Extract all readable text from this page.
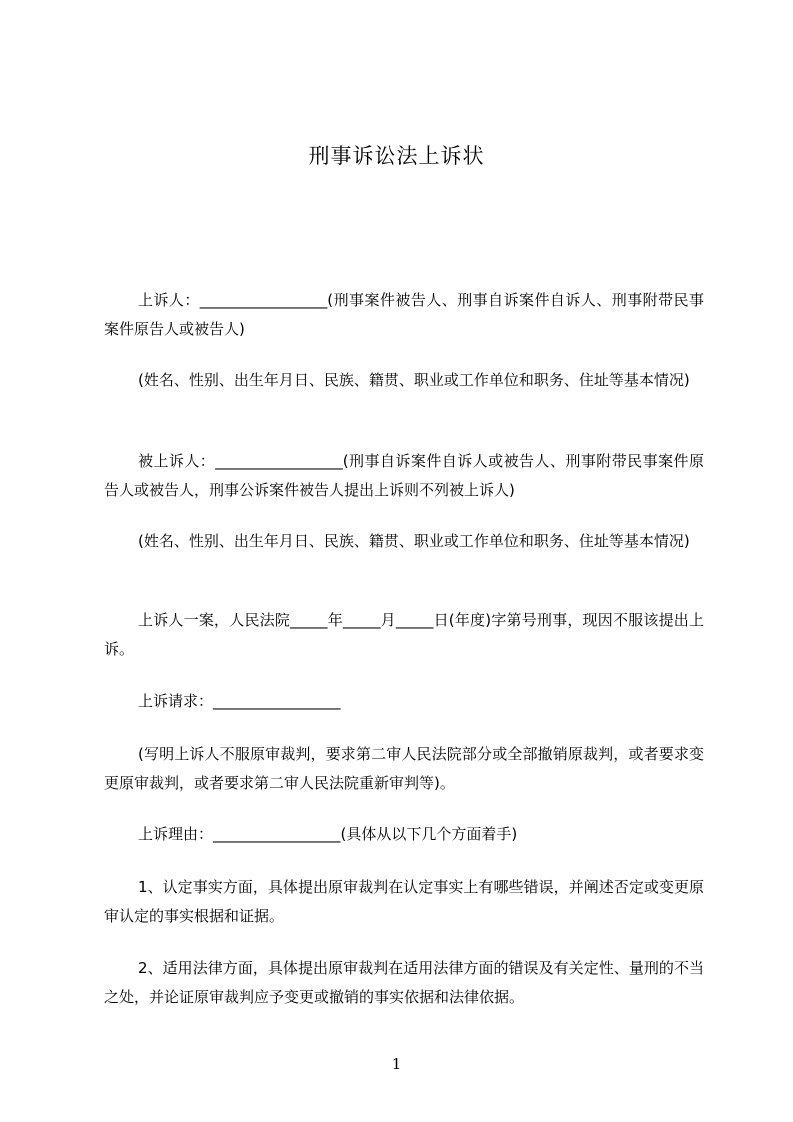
刑事诉讼法上诉状
上诉人：_________________(刑事案件被告人、刑事自诉案件自诉人、刑事附带民事案件原告人或被告人)
(姓名、性别、出生年月日、民族、籍贯、职业或工作单位和职务、住址等基本情况)
被上诉人：_________________(刑事自诉案件自诉人或被告人、刑事附带民事案件原告人或被告人，刑事公诉案件被告人提出上诉则不列被上诉人)
(姓名、性别、出生年月日、民族、籍贯、职业或工作单位和职务、住址等基本情况)
上诉人一案，人民法院_____年_____月_____日(年度)字第号刑事，现因不服该提出上诉。
上诉请求：_________________
(写明上诉人不服原审裁判，要求第二审人民法院部分或全部撤销原裁判，或者要求变更原审裁判，或者要求第二审人民法院重新审判等)。
上诉理由：_________________(具体从以下几个方面着手)
1、认定事实方面，具体提出原审裁判在认定事实上有哪些错误，并阐述否定或变更原审认定的事实根据和证据。
2、适用法律方面，具体提出原审裁判在适用法律方面的错误及有关定性、量刑的不当之处，并论证原审裁判应予变更或撤销的事实依据和法律依据。
1
